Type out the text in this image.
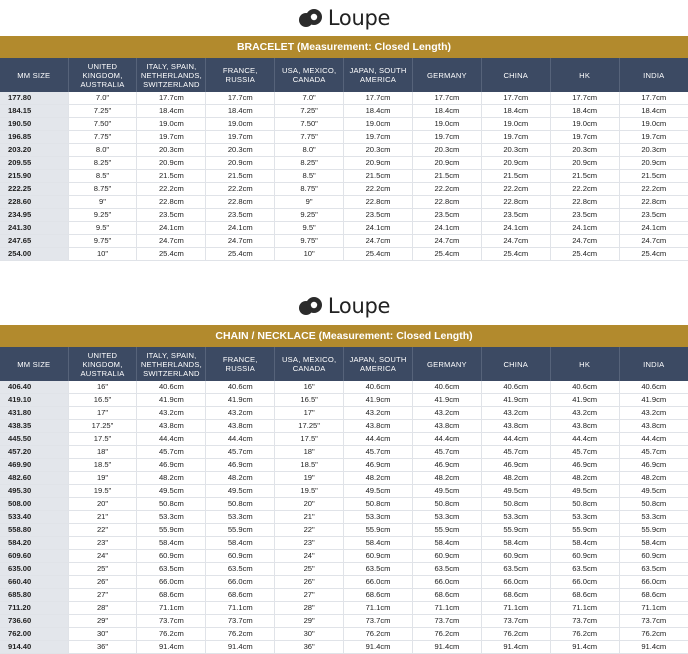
Loupe
BRACELET (Measurement: Closed Length)
MM SIZE	UNITED KINGDOM, AUSTRALIA	ITALY, SPAIN, NETHERLANDS, SWITZERLAND	FRANCE, RUSSIA	USA, MEXICO, CANADA	JAPAN, SOUTH AMERICA	GERMANY	CHINA	HK	INDIA
177.80	7.0"	17.7cm	17.7cm	7.0"	17.7cm	17.7cm	17.7cm	17.7cm	17.7cm
184.15	7.25"	18.4cm	18.4cm	7.25"	18.4cm	18.4cm	18.4cm	18.4cm	18.4cm
190.50	7.50"	19.0cm	19.0cm	7.50"	19.0cm	19.0cm	19.0cm	19.0cm	19.0cm
196.85	7.75"	19.7cm	19.7cm	7.75"	19.7cm	19.7cm	19.7cm	19.7cm	19.7cm
203.20	8.0"	20.3cm	20.3cm	8.0"	20.3cm	20.3cm	20.3cm	20.3cm	20.3cm
209.55	8.25"	20.9cm	20.9cm	8.25"	20.9cm	20.9cm	20.9cm	20.9cm	20.9cm
215.90	8.5"	21.5cm	21.5cm	8.5"	21.5cm	21.5cm	21.5cm	21.5cm	21.5cm
222.25	8.75"	22.2cm	22.2cm	8.75"	22.2cm	22.2cm	22.2cm	22.2cm	22.2cm
228.60	9"	22.8cm	22.8cm	9"	22.8cm	22.8cm	22.8cm	22.8cm	22.8cm
234.95	9.25"	23.5cm	23.5cm	9.25"	23.5cm	23.5cm	23.5cm	23.5cm	23.5cm
241.30	9.5"	24.1cm	24.1cm	9.5"	24.1cm	24.1cm	24.1cm	24.1cm	24.1cm
247.65	9.75"	24.7cm	24.7cm	9.75"	24.7cm	24.7cm	24.7cm	24.7cm	24.7cm
254.00	10"	25.4cm	25.4cm	10"	25.4cm	25.4cm	25.4cm	25.4cm	25.4cm
Loupe
CHAIN / NECKLACE (Measurement: Closed Length)
MM SIZE	UNITED KINGDOM, AUSTRALIA	ITALY, SPAIN, NETHERLANDS, SWITZERLAND	FRANCE, RUSSIA	USA, MEXICO, CANADA	JAPAN, SOUTH AMERICA	GERMANY	CHINA	HK	INDIA
406.40	16"	40.6cm	40.6cm	16"	40.6cm	40.6cm	40.6cm	40.6cm	40.6cm
419.10	16.5"	41.9cm	41.9cm	16.5"	41.9cm	41.9cm	41.9cm	41.9cm	41.9cm
431.80	17"	43.2cm	43.2cm	17"	43.2cm	43.2cm	43.2cm	43.2cm	43.2cm
438.35	17.25"	43.8cm	43.8cm	17.25"	43.8cm	43.8cm	43.8cm	43.8cm	43.8cm
445.50	17.5"	44.4cm	44.4cm	17.5"	44.4cm	44.4cm	44.4cm	44.4cm	44.4cm
457.20	18"	45.7cm	45.7cm	18"	45.7cm	45.7cm	45.7cm	45.7cm	45.7cm
469.90	18.5"	46.9cm	46.9cm	18.5"	46.9cm	46.9cm	46.9cm	46.9cm	46.9cm
482.60	19"	48.2cm	48.2cm	19"	48.2cm	48.2cm	48.2cm	48.2cm	48.2cm
495.30	19.5"	49.5cm	49.5cm	19.5"	49.5cm	49.5cm	49.5cm	49.5cm	49.5cm
508.00	20"	50.8cm	50.8cm	20"	50.8cm	50.8cm	50.8cm	50.8cm	50.8cm
533.40	21"	53.3cm	53.3cm	21"	53.3cm	53.3cm	53.3cm	53.3cm	53.3cm
558.80	22"	55.9cm	55.9cm	22"	55.9cm	55.9cm	55.9cm	55.9cm	55.9cm
584.20	23"	58.4cm	58.4cm	23"	58.4cm	58.4cm	58.4cm	58.4cm	58.4cm
609.60	24"	60.9cm	60.9cm	24"	60.9cm	60.9cm	60.9cm	60.9cm	60.9cm
635.00	25"	63.5cm	63.5cm	25"	63.5cm	63.5cm	63.5cm	63.5cm	63.5cm
660.40	26"	66.0cm	66.0cm	26"	66.0cm	66.0cm	66.0cm	66.0cm	66.0cm
685.80	27"	68.6cm	68.6cm	27"	68.6cm	68.6cm	68.6cm	68.6cm	68.6cm
711.20	28"	71.1cm	71.1cm	28"	71.1cm	71.1cm	71.1cm	71.1cm	71.1cm
736.60	29"	73.7cm	73.7cm	29"	73.7cm	73.7cm	73.7cm	73.7cm	73.7cm
762.00	30"	76.2cm	76.2cm	30"	76.2cm	76.2cm	76.2cm	76.2cm	76.2cm
914.40	36"	91.4cm	91.4cm	36"	91.4cm	91.4cm	91.4cm	91.4cm	91.4cm
